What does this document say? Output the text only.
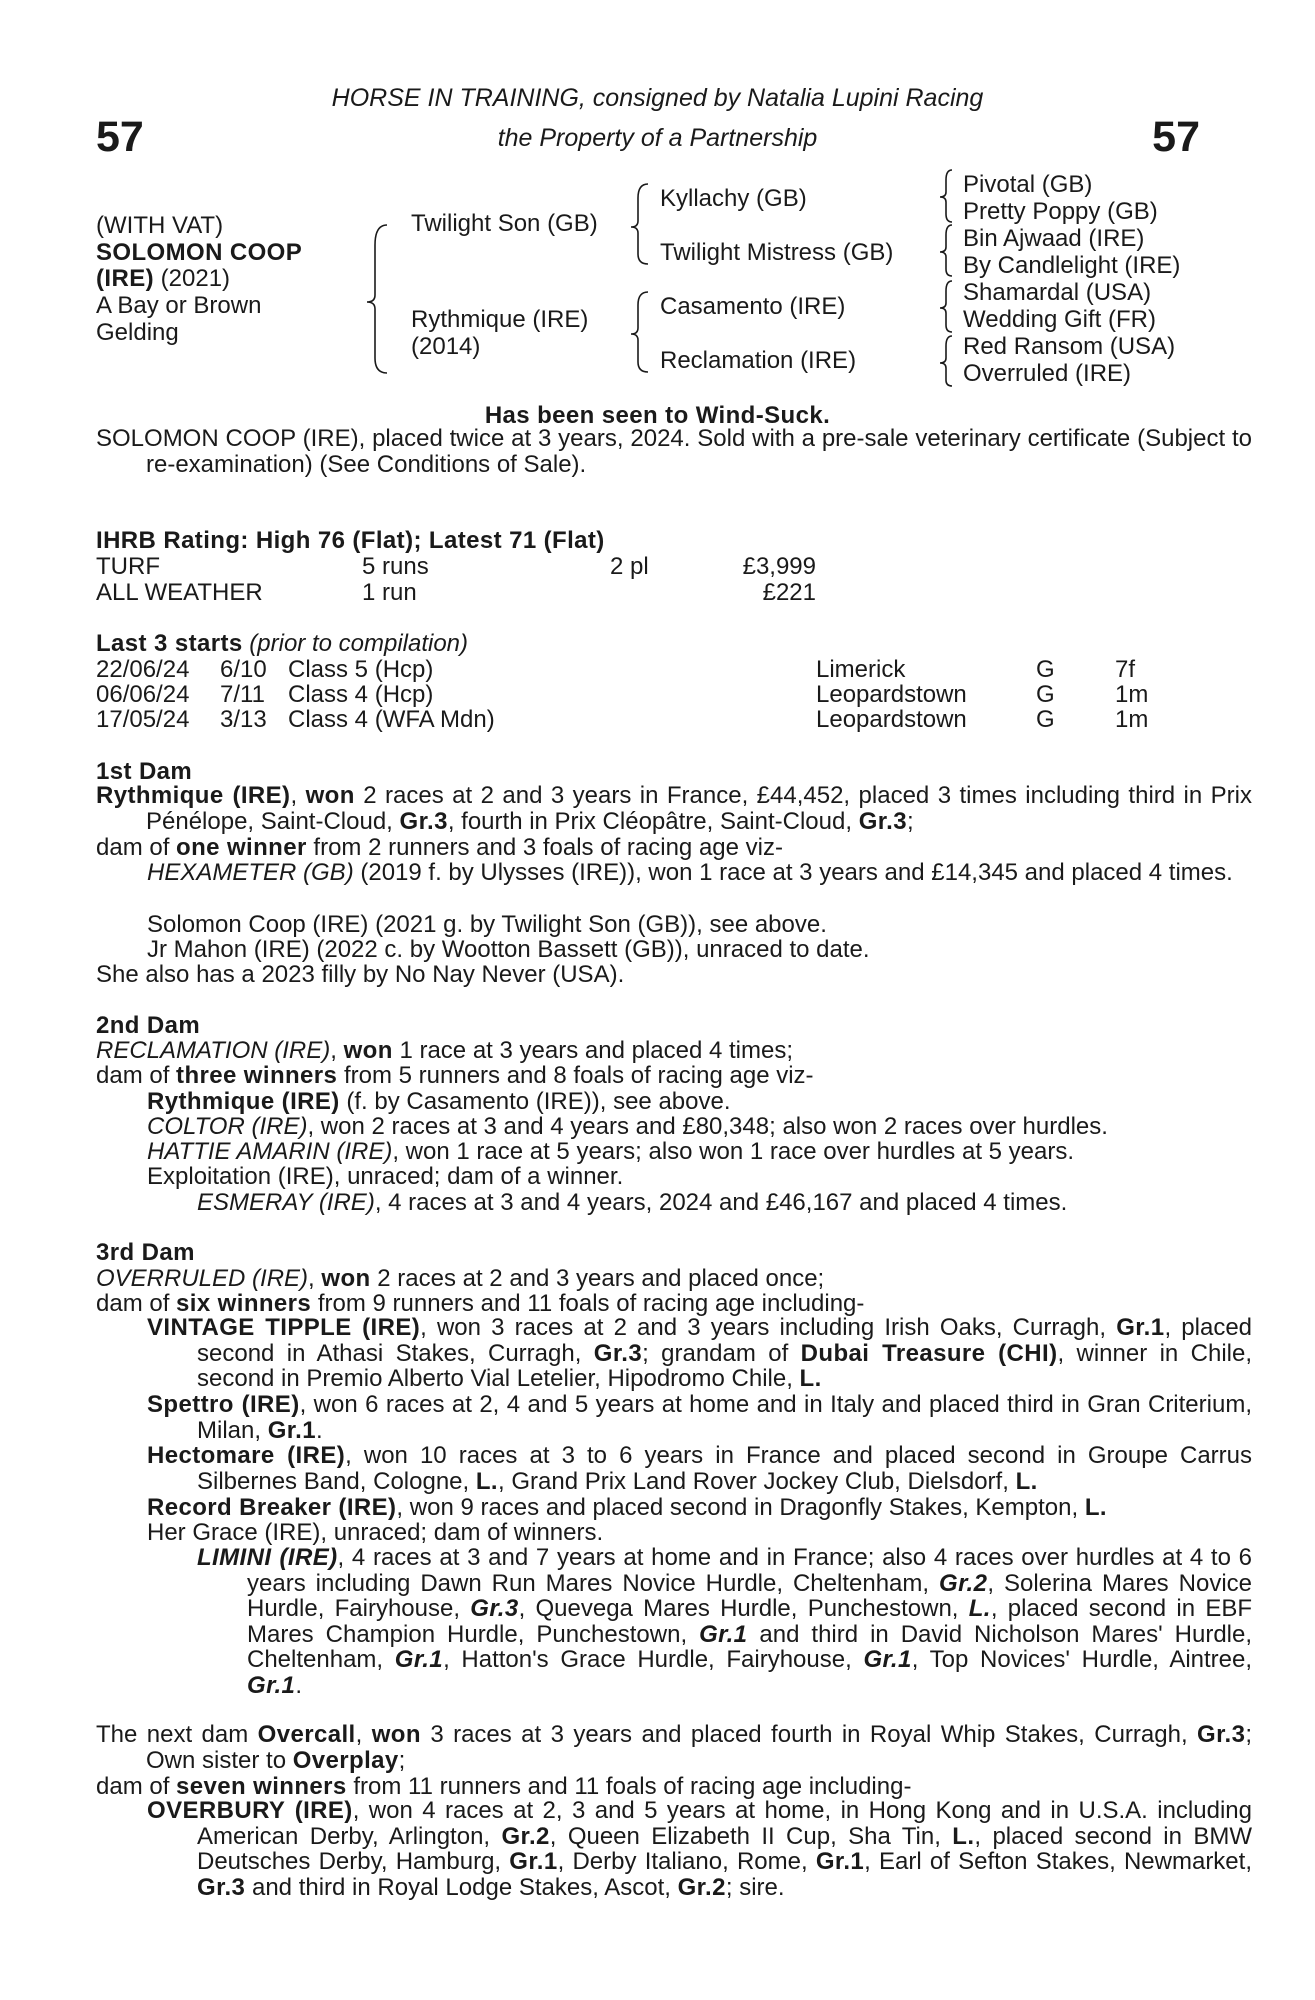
57	57
HORSE IN TRAINING, consigned by Natalia Lupini Racing
the Property of a Partnership
(WITH VAT)
SOLOMON COOP
(IRE) (2021)
A Bay or Brown
Gelding
Twilight Son (GB)
Rythmique (IRE)
(2014)
Kyllachy (GB)
Twilight Mistress (GB)
Casamento (IRE)
Reclamation (IRE)
Pivotal (GB)
Pretty Poppy (GB)
Bin Ajwaad (IRE)
By Candlelight (IRE)
Shamardal (USA)
Wedding Gift (FR)
Red Ransom (USA)
Overruled (IRE)
Has been seen to Wind-Suck.
SOLOMON COOP (IRE), placed twice at 3 years, 2024. Sold with a pre-sale veterinary certificate (Subject to re-examination) (See Conditions of Sale).
IHRB Rating: High 76 (Flat); Latest 71 (Flat)
TURF	5 runs	2 pl	£3,999
ALL WEATHER	1 run	£221
Last 3 starts (prior to compilation)
22/06/24 6/10 Class 5 (Hcp)	Limerick	G	7f
06/06/24 7/11 Class 4 (Hcp)	Leopardstown	G	1m
17/05/24 3/13 Class 4 (WFA Mdn)	Leopardstown	G	1m
1st Dam
Rythmique (IRE), won 2 races at 2 and 3 years in France, £44,452, placed 3 times including third in Prix Pénélope, Saint-Cloud, Gr.3, fourth in Prix Cléopâtre, Saint-Cloud, Gr.3;
dam of one winner from 2 runners and 3 foals of racing age viz-
HEXAMETER (GB) (2019 f. by Ulysses (IRE)), won 1 race at 3 years and £14,345 and placed 4 times.
Solomon Coop (IRE) (2021 g. by Twilight Son (GB)), see above.
Jr Mahon (IRE) (2022 c. by Wootton Bassett (GB)), unraced to date.
She also has a 2023 filly by No Nay Never (USA).
2nd Dam
RECLAMATION (IRE), won 1 race at 3 years and placed 4 times;
dam of three winners from 5 runners and 8 foals of racing age viz-
Rythmique (IRE) (f. by Casamento (IRE)), see above.
COLTOR (IRE), won 2 races at 3 and 4 years and £80,348; also won 2 races over hurdles.
HATTIE AMARIN (IRE), won 1 race at 5 years; also won 1 race over hurdles at 5 years.
Exploitation (IRE), unraced; dam of a winner.
ESMERAY (IRE), 4 races at 3 and 4 years, 2024 and £46,167 and placed 4 times.
3rd Dam
OVERRULED (IRE), won 2 races at 2 and 3 years and placed once;
dam of six winners from 9 runners and 11 foals of racing age including-
VINTAGE TIPPLE (IRE), won 3 races at 2 and 3 years including Irish Oaks, Curragh, Gr.1, placed second in Athasi Stakes, Curragh, Gr.3; grandam of Dubai Treasure (CHI), winner in Chile, second in Premio Alberto Vial Letelier, Hipodromo Chile, L.
Spettro (IRE), won 6 races at 2, 4 and 5 years at home and in Italy and placed third in Gran Criterium, Milan, Gr.1.
Hectomare (IRE), won 10 races at 3 to 6 years in France and placed second in Groupe Carrus Silbernes Band, Cologne, L., Grand Prix Land Rover Jockey Club, Dielsdorf, L.
Record Breaker (IRE), won 9 races and placed second in Dragonfly Stakes, Kempton, L.
Her Grace (IRE), unraced; dam of winners.
LIMINI (IRE), 4 races at 3 and 7 years at home and in France; also 4 races over hurdles at 4 to 6 years including Dawn Run Mares Novice Hurdle, Cheltenham, Gr.2, Solerina Mares Novice Hurdle, Fairyhouse, Gr.3, Quevega Mares Hurdle, Punchestown, L., placed second in EBF Mares Champion Hurdle, Punchestown, Gr.1 and third in David Nicholson Mares' Hurdle, Cheltenham, Gr.1, Hatton's Grace Hurdle, Fairyhouse, Gr.1, Top Novices' Hurdle, Aintree, Gr.1.
The next dam Overcall, won 3 races at 3 years and placed fourth in Royal Whip Stakes, Curragh, Gr.3; Own sister to Overplay;
dam of seven winners from 11 runners and 11 foals of racing age including-
OVERBURY (IRE), won 4 races at 2, 3 and 5 years at home, in Hong Kong and in U.S.A. including American Derby, Arlington, Gr.2, Queen Elizabeth II Cup, Sha Tin, L., placed second in BMW Deutsches Derby, Hamburg, Gr.1, Derby Italiano, Rome, Gr.1, Earl of Sefton Stakes, Newmarket, Gr.3 and third in Royal Lodge Stakes, Ascot, Gr.2; sire.
